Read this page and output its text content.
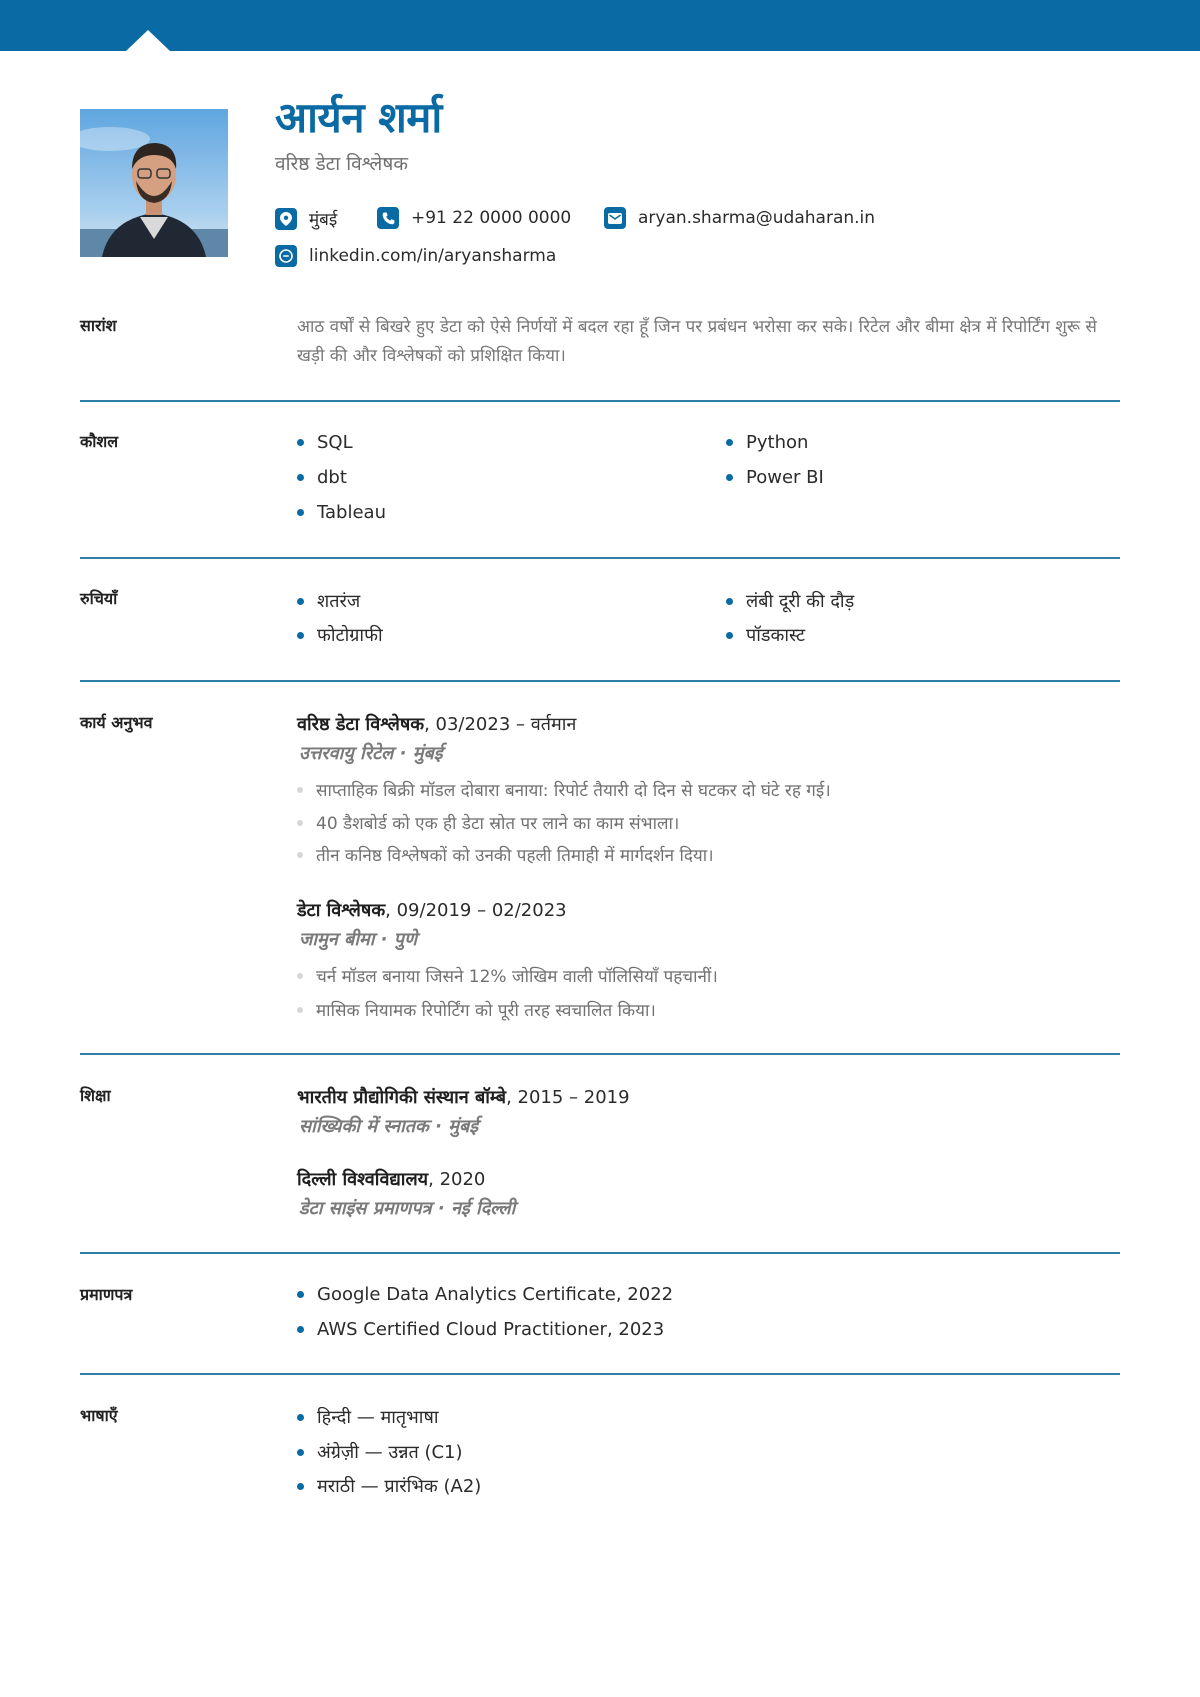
आर्यन शर्मा
वरिष्ठ डेटा विश्लेषक
मुंबई	+91 22 0000 0000	aryan.sharma@udaharan.in
linkedin.com/in/aryansharma
सारांश	आठ वर्षों से बिखरे हुए डेटा को ऐसे निर्णयों में बदल रहा हूँ जिन पर प्रबंधन भरोसा कर सके। रिटेल और बीमा क्षेत्र में रिपोर्टिंग शुरू से खड़ी की और विश्लेषकों को प्रशिक्षित किया।
कौशल	SQL	Python
dbt	Power BI
Tableau
रुचियाँ	शतरंज	लंबी दूरी की दौड़
फोटोग्राफी	पॉडकास्ट
कार्य अनुभव	वरिष्ठ डेटा विश्लेषक, 03/2023 – वर्तमान
उत्तरवायु रिटेल · मुंबई
साप्ताहिक बिक्री मॉडल दोबारा बनाया: रिपोर्ट तैयारी दो दिन से घटकर दो घंटे रह गई।
40 डैशबोर्ड को एक ही डेटा स्रोत पर लाने का काम संभाला।
तीन कनिष्ठ विश्लेषकों को उनकी पहली तिमाही में मार्गदर्शन दिया।
डेटा विश्लेषक, 09/2019 – 02/2023
जामुन बीमा · पुणे
चर्न मॉडल बनाया जिसने 12% जोखिम वाली पॉलिसियाँ पहचानीं।
मासिक नियामक रिपोर्टिंग को पूरी तरह स्वचालित किया।
शिक्षा	भारतीय प्रौद्योगिकी संस्थान बॉम्बे, 2015 – 2019
सांख्यिकी में स्नातक · मुंबई
दिल्ली विश्वविद्यालय, 2020
डेटा साइंस प्रमाणपत्र · नई दिल्ली
प्रमाणपत्र	Google Data Analytics Certificate, 2022
AWS Certified Cloud Practitioner, 2023
भाषाएँ	हिन्दी — मातृभाषा
अंग्रेज़ी — उन्नत (C1)
मराठी — प्रारंभिक (A2)
